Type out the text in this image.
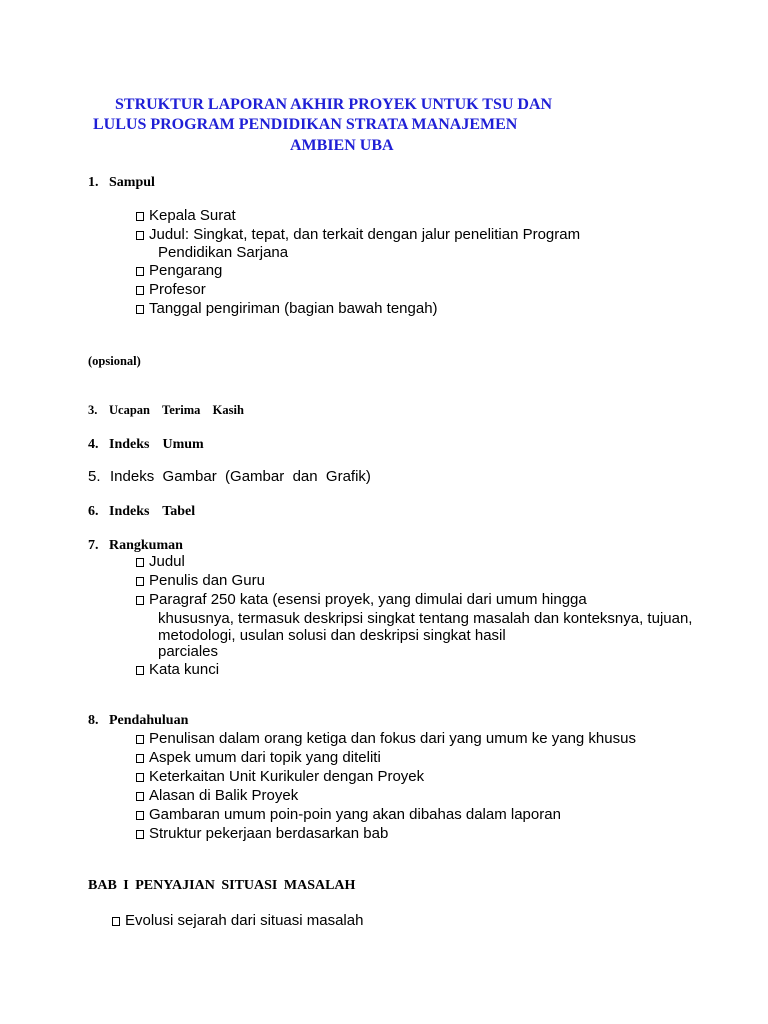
STRUKTUR LAPORAN AKHIR PROYEK UNTUK TSU DAN
LULUS PROGRAM PENDIDIKAN STRATA MANAJEMEN
AMBIEN UBA
1. Sampul
Kepala Surat
Judul: Singkat, tepat, dan terkait dengan jalur penelitian Program
Pendidikan Sarjana
Pengarang
Profesor
Tanggal pengiriman (bagian bawah tengah)
(opsional)
3. Ucapan  Terima  Kasih
4. Indeks  Umum
5. Indeks  Gambar  (Gambar  dan  Grafik)
6. Indeks  Tabel
7. Rangkuman
Judul
Penulis dan Guru
Paragraf 250 kata (esensi proyek, yang dimulai dari umum hingga
khususnya, termasuk deskripsi singkat tentang masalah dan konteksnya, tujuan,
metodologi, usulan solusi dan deskripsi singkat hasil
parciales
Kata kunci
8. Pendahuluan
Penulisan dalam orang ketiga dan fokus dari yang umum ke yang khusus
Aspek umum dari topik yang diteliti
Keterkaitan Unit Kurikuler dengan Proyek
Alasan di Balik Proyek
Gambaran umum poin-poin yang akan dibahas dalam laporan
Struktur pekerjaan berdasarkan bab
BAB I PENYAJIAN SITUASI MASALAH
Evolusi sejarah dari situasi masalah
